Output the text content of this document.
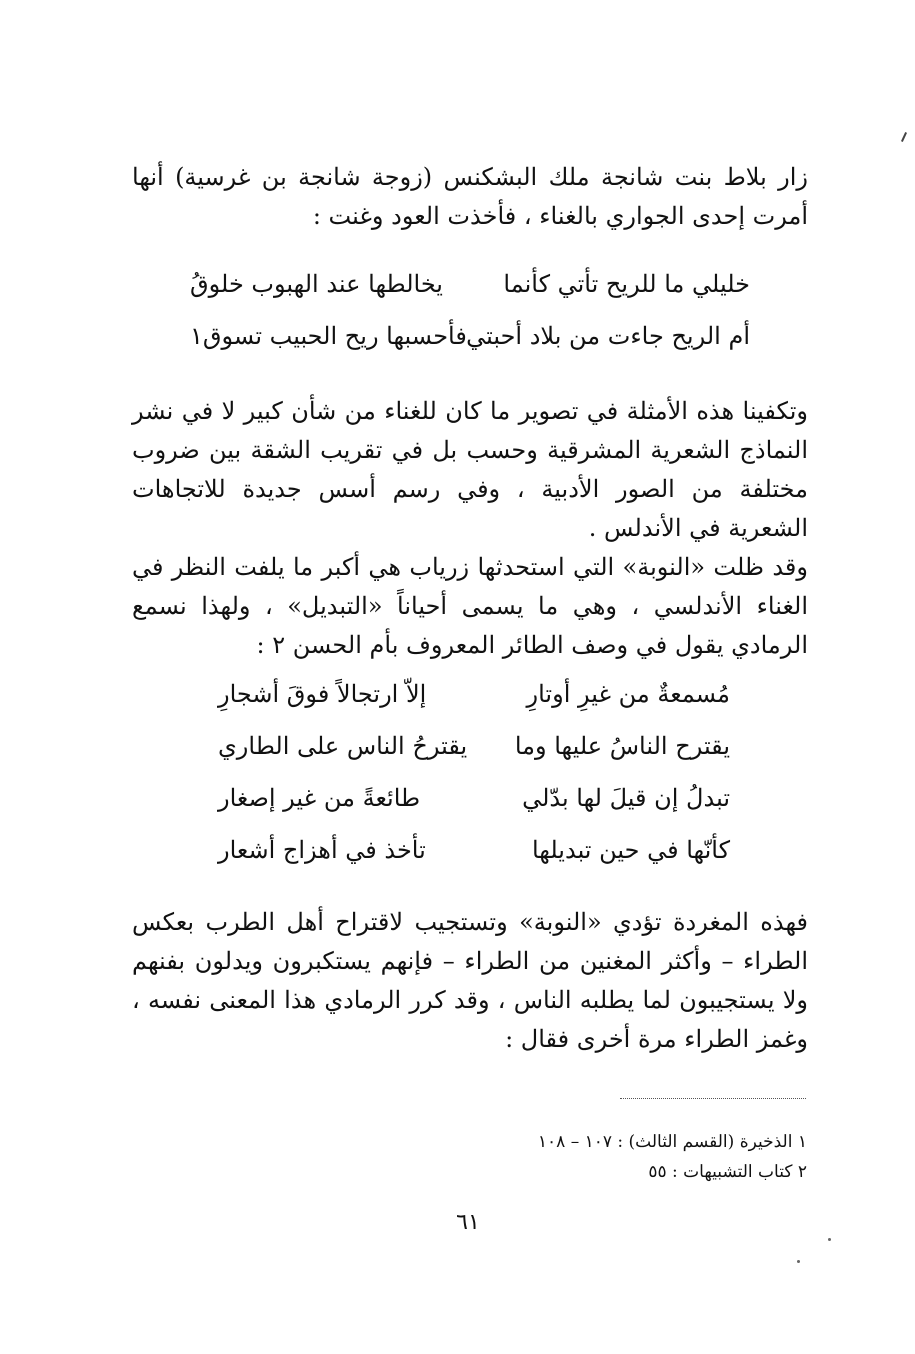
زار بلاط بنت شانجة ملك البشكنس (زوجة شانجة بن غرسية) أنها أمرت إحدى الجواري بالغناء ، فأخذت العود وغنت :

خليلي ما للريح تأتي كأنما
يخالطها عند الهبوب خلوقُ
أم الريح جاءت من بلاد أحبتي
فأحسبها ريح الحبيب تسوق١

وتكفينا هذه الأمثلة في تصوير ما كان للغناء من شأن كبير لا في نشر النماذج الشعرية المشرقية وحسب بل في تقريب الشقة بين ضروب مختلفة من الصور الأدبية ، وفي رسم أسس جديدة للاتجاهات الشعرية في الأندلس .

وقد ظلت «النوبة» التي استحدثها زرياب هي أكبر ما يلفت النظر في الغناء الأندلسي ، وهي ما يسمى أحياناً «التبديل» ، ولهذا نسمع الرمادي يقول في وصف الطائر المعروف بأم الحسن ٢ :

مُسمعةٌ من غيرِ أوتارِ
إلاّ ارتجالاً فوقَ أشجارِ
يقترح الناسُ عليها وما
يقترحُ الناس على الطاري
تبدلُ إن قيلَ لها بدّلي
طائعةً من غير إصغار
كأنّها في حين تبديلها
تأخذ في أهزاج أشعار

فهذه المغردة تؤدي «النوبة» وتستجيب لاقتراح أهل الطرب بعكس الطراء – وأكثر المغنين من الطراء – فإنهم يستكبرون ويدلون بفنهم ولا يستجيبون لما يطلبه الناس ، وقد كرر الرمادي هذا المعنى نفسه ، وغمز الطراء مرة أخرى فقال :

١ الذخيرة (القسم الثالث) : ١٠٧ – ١٠٨
٢ كتاب التشبيهات : ٥٥
٦١
